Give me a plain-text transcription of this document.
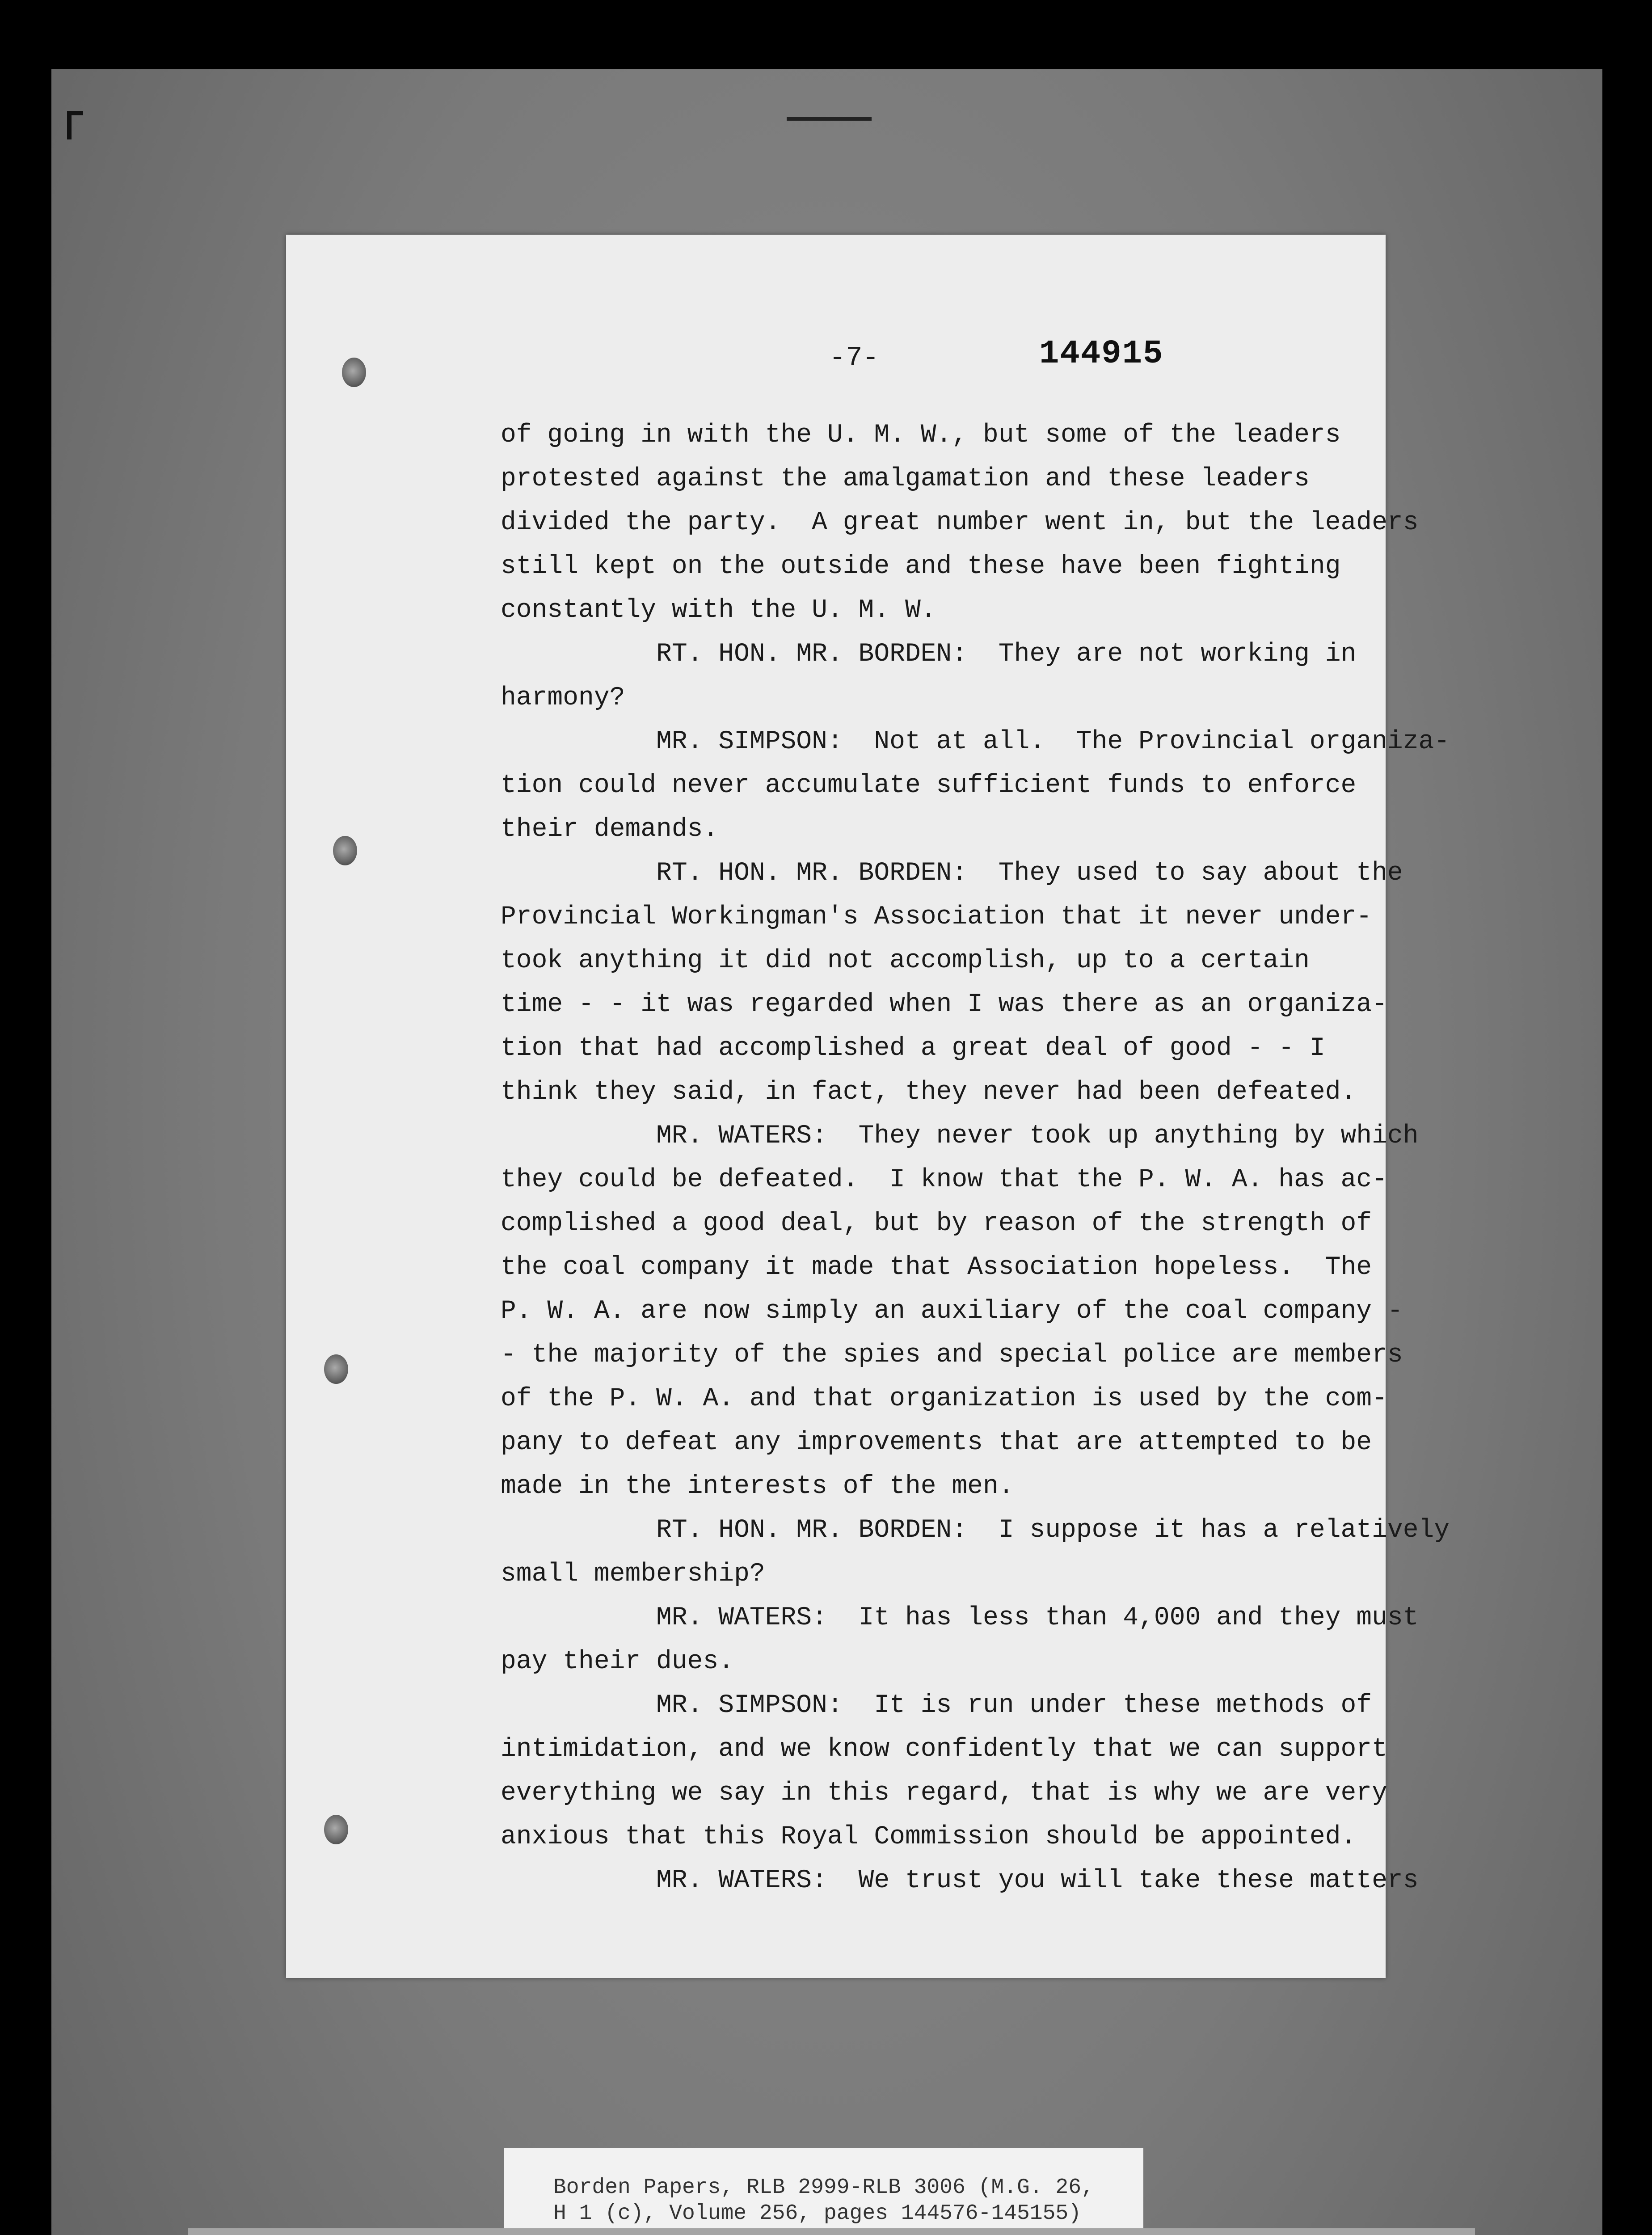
-7-	144915

of going in with the U. M. W., but some of the leaders

protested against the amalgamation and these leaders

divided the party.  A great number went in, but the leaders

still kept on the outside and these have been fighting

constantly with the U. M. W.

RT. HON. MR. BORDEN:  They are not working in

harmony?

MR. SIMPSON:  Not at all.  The Provincial organiza-

tion could never accumulate sufficient funds to enforce

their demands.

RT. HON. MR. BORDEN:  They used to say about the

Provincial Workingman's Association that it never under-

took anything it did not accomplish, up to a certain

time - - it was regarded when I was there as an organiza-

tion that had accomplished a great deal of good - - I

think they said, in fact, they never had been defeated.

MR. WATERS:  They never took up anything by which

they could be defeated.  I know that the P. W. A. has ac-

complished a good deal, but by reason of the strength of

the coal company it made that Association hopeless.  The

P. W. A. are now simply an auxiliary of the coal company -

- the majority of the spies and special police are members

of the P. W. A. and that organization is used by the com-

pany to defeat any improvements that are attempted to be

made in the interests of the men.

RT. HON. MR. BORDEN:  I suppose it has a relatively

small membership?

MR. WATERS:  It has less than 4,000 and they must

pay their dues.

MR. SIMPSON:  It is run under these methods of

intimidation, and we know confidently that we can support

everything we say in this regard, that is why we are very

anxious that this Royal Commission should be appointed.

MR. WATERS:  We trust you will take these matters

Borden Papers, RLB 2999-RLB 3006 (M.G. 26,

H 1 (c), Volume 256, pages 144576-145155)
